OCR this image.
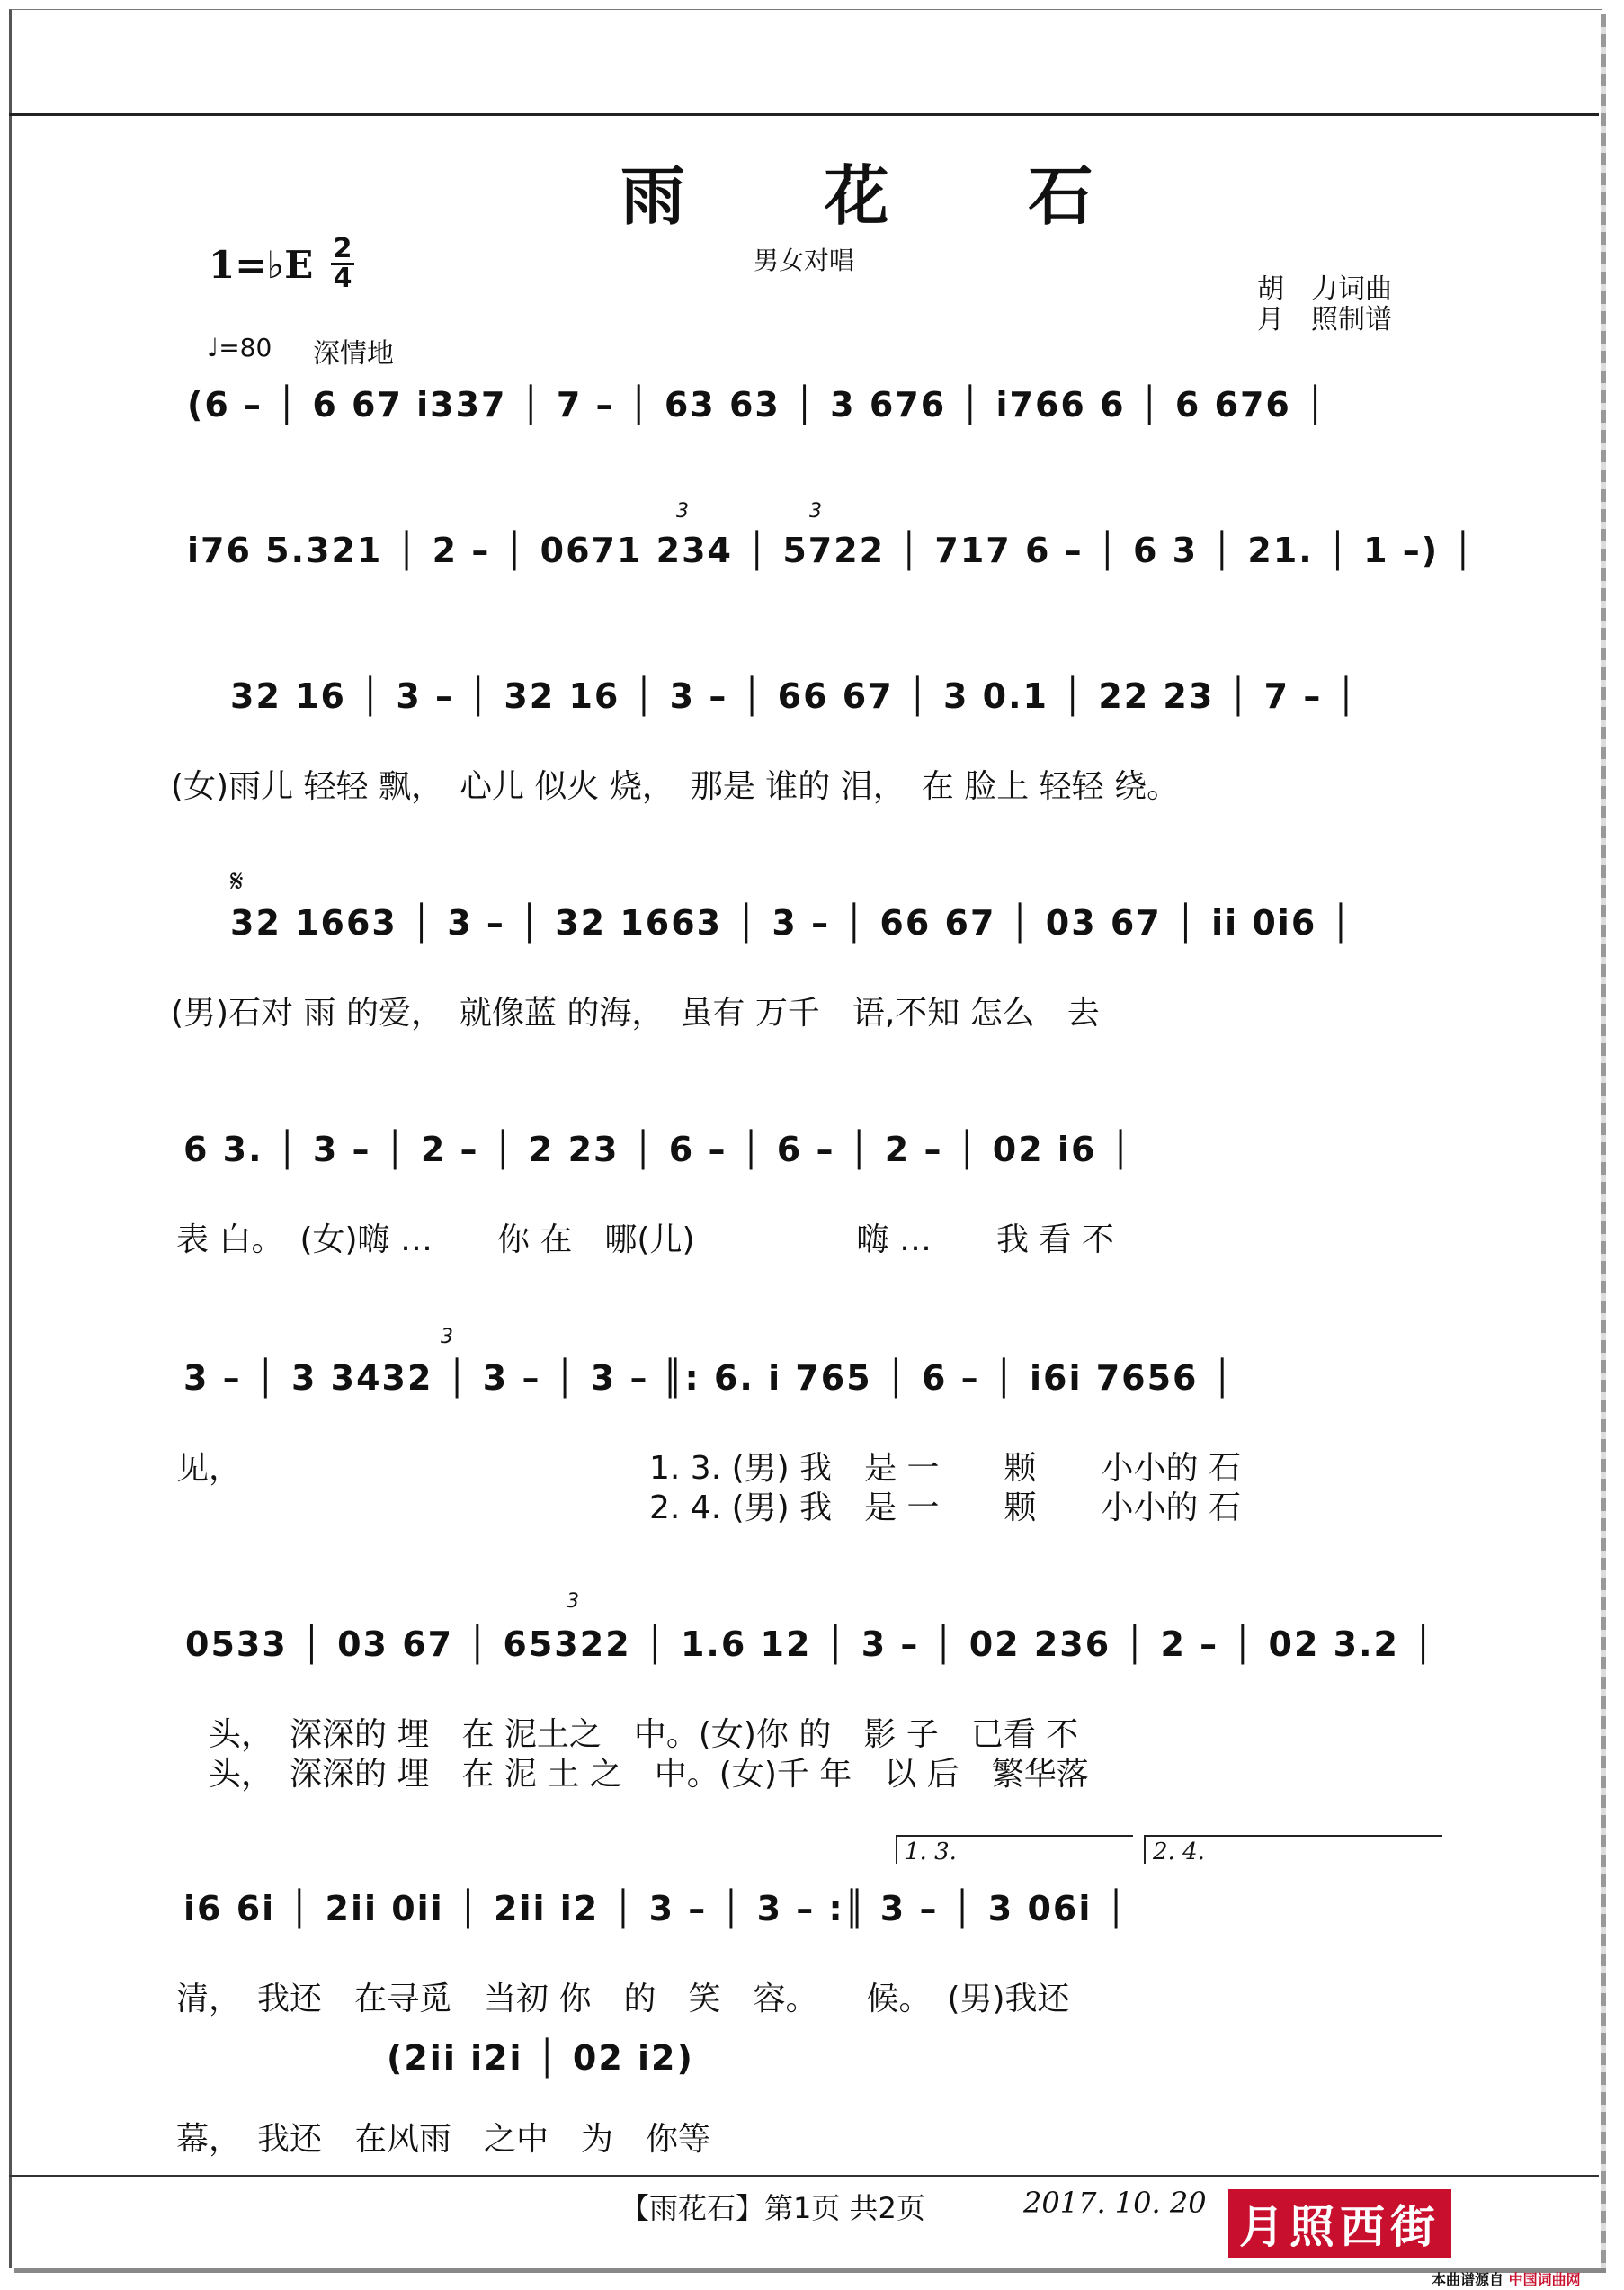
雨 花 石
男女对唱
1=♭E 2
4	胡　力词曲
月　照制谱
♩=80 深情地
(6 – │ 6 67 i337 │ 7 – │ 63 63 │ 3 676 │ i766 6 │ 6 676 │
i76 5.321 │ 2 – │ 0671 234 │ 5722 │ 717 6 – │ 6 3 │ 21. │ 1 –) │
3	3
32 16 │ 3 – │ 32 16 │ 3 – │ 66 67 │ 3 0.1 │ 22 23 │ 7 – │
(女)雨儿 轻轻 飘，　心儿 似火 烧，　那是 谁的 泪，　在 脸上 轻轻 绕。
𝄋
32 1663 │ 3 – │ 32 1663 │ 3 – │ 66 67 │ 03 67 │ ii 0i6 │
(男)石对 雨 的爱，　就像蓝 的海，　虽有 万千　语,不知 怎么　去
6 3. │ 3 – │ 2 – │ 2 23 │ 6 – │ 6 – │ 2 – │ 02 i6 │
表 白。　(女)嗨 …　　你 在　哪(儿)　　　　　嗨 …　　我 看 不
3 – │ 3 3432 │ 3 – │ 3 – ║: 6. i 765 │ 6 – │ i6i 7656 │
3
见，	1. 3. (男) 我　是 一　　颗　　小小的 石
2. 4. (男) 我　是 一　　颗　　小小的 石
0533 │ 03 67 │ 65322 │ 1.6 12 │ 3 – │ 02 236 │ 2 – │ 02 3.2 │
3
头，　深深的 埋　在 泥土之　中。(女)你 的　影 子　已看 不
头，　深深的 埋　在 泥 土 之　中。(女)千 年　以 后　繁华落
1. 3.	2. 4.
i6 6i │ 2ii 0ii │ 2ii i2 │ 3 – │ 3 – :║ 3 – │ 3 06i │
清，　我还　在寻觅　当初 你　的　笑　容。　　候。　(男)我还
(2ii i2i │ 02 i2)
幕，　我还　在风雨　之中　为　你等
【雨花石】第1页 共2页	2017. 10. 20 月照西街
本曲谱源自 中国词曲网
